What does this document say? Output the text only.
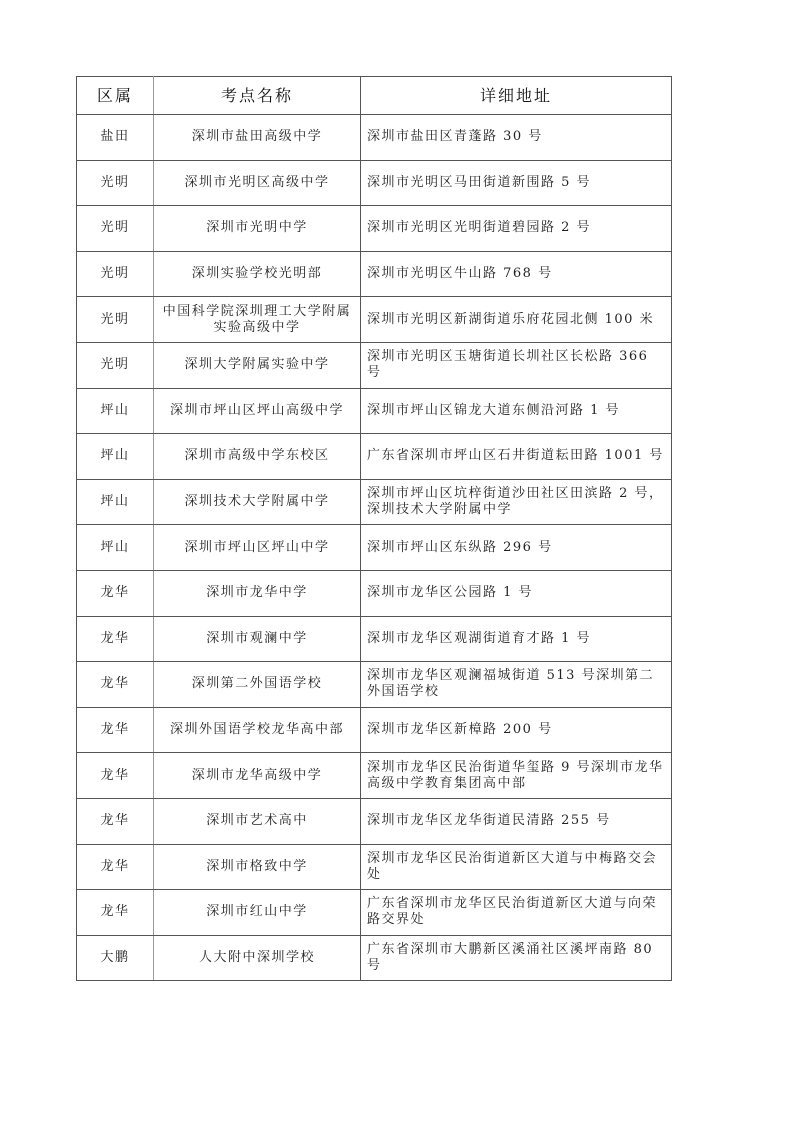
区属	考点名称	详细地址
盐田	深圳市盐田高级中学	深圳市盐田区青蓬路 30 号
光明	深圳市光明区高级中学	深圳市光明区马田街道新围路 5 号
光明	深圳市光明中学	深圳市光明区光明街道碧园路 2 号
光明	深圳实验学校光明部	深圳市光明区牛山路 768 号
光明	中国科学院深圳理工大学附属实验高级中学	深圳市光明区新湖街道乐府花园北侧 100 米
光明	深圳大学附属实验中学	深圳市光明区玉塘街道长圳社区长松路 366 号
坪山	深圳市坪山区坪山高级中学	深圳市坪山区锦龙大道东侧沿河路 1 号
坪山	深圳市高级中学东校区	广东省深圳市坪山区石井街道耘田路 1001 号
坪山	深圳技术大学附属中学	深圳市坪山区坑梓街道沙田社区田滨路 2 号，深圳技术大学附属中学
坪山	深圳市坪山区坪山中学	深圳市坪山区东纵路 296 号
龙华	深圳市龙华中学	深圳市龙华区公园路 1 号
龙华	深圳市观澜中学	深圳市龙华区观湖街道育才路 1 号
龙华	深圳第二外国语学校	深圳市龙华区观澜福城街道 513 号深圳第二外国语学校
龙华	深圳外国语学校龙华高中部	深圳市龙华区新樟路 200 号
龙华	深圳市龙华高级中学	深圳市龙华区民治街道华玺路 9 号深圳市龙华高级中学教育集团高中部
龙华	深圳市艺术高中	深圳市龙华区龙华街道民清路 255 号
龙华	深圳市格致中学	深圳市龙华区民治街道新区大道与中梅路交会处
龙华	深圳市红山中学	广东省深圳市龙华区民治街道新区大道与向荣路交界处
大鹏	人大附中深圳学校	广东省深圳市大鹏新区溪涌社区溪坪南路 80 号
